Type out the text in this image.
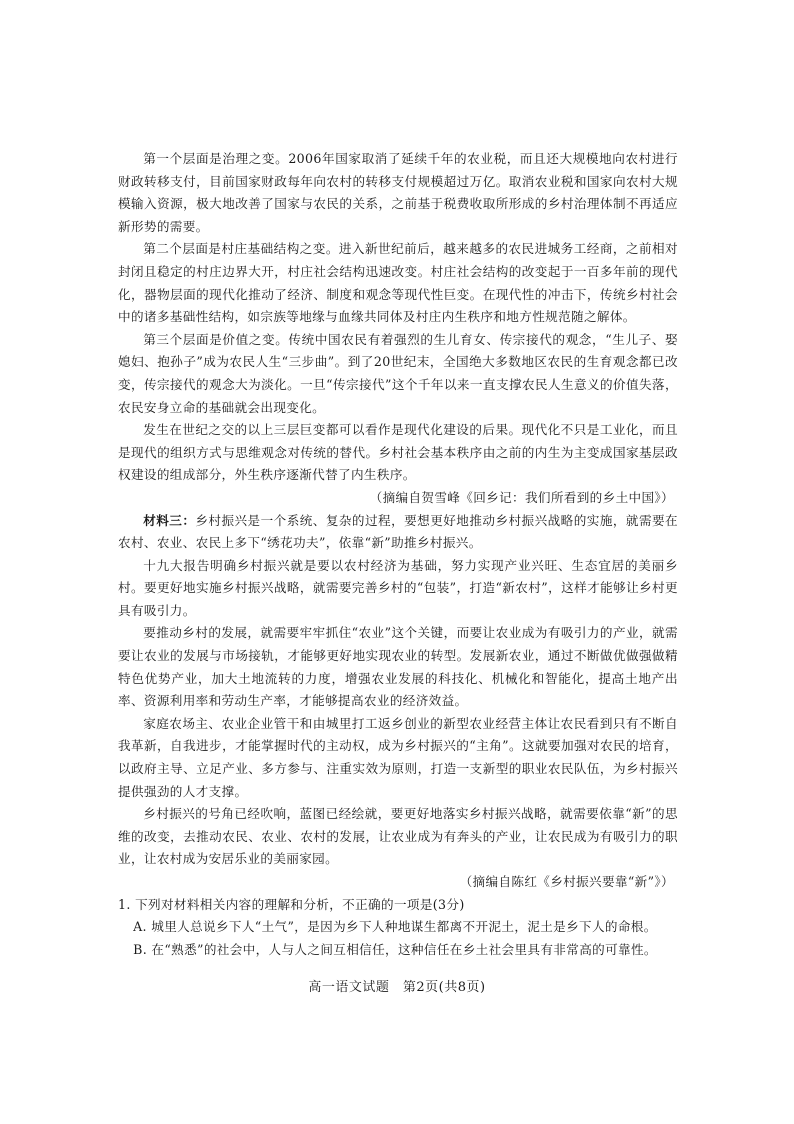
第一个层面是治理之变。2006年国家取消了延续千年的农业税，而且还大规模地向农村进行财政转移支付，目前国家财政每年向农村的转移支付规模超过万亿。取消农业税和国家向农村大规模输入资源，极大地改善了国家与农民的关系，之前基于税费收取所形成的乡村治理体制不再适应新形势的需要。

第二个层面是村庄基础结构之变。进入新世纪前后，越来越多的农民进城务工经商，之前相对封闭且稳定的村庄边界大开，村庄社会结构迅速改变。村庄社会结构的改变起于一百多年前的现代化，器物层面的现代化推动了经济、制度和观念等现代性巨变。在现代性的冲击下，传统乡村社会中的诸多基础性结构，如宗族等地缘与血缘共同体及村庄内生秩序和地方性规范随之解体。

第三个层面是价值之变。传统中国农民有着强烈的生儿育女、传宗接代的观念，“生儿子、娶媳妇、抱孙子”成为农民人生“三步曲”。到了20世纪末，全国绝大多数地区农民的生育观念都已改变，传宗接代的观念大为淡化。一旦“传宗接代”这个千年以来一直支撑农民人生意义的价值失落，农民安身立命的基础就会出现变化。

发生在世纪之交的以上三层巨变都可以看作是现代化建设的后果。现代化不只是工业化，而且是现代的组织方式与思维观念对传统的替代。乡村社会基本秩序由之前的内生为主变成国家基层政权建设的组成部分，外生秩序逐渐代替了内生秩序。

（摘编自贺雪峰《回乡记：我们所看到的乡土中国》）

材料三：乡村振兴是一个系统、复杂的过程，要想更好地推动乡村振兴战略的实施，就需要在农村、农业、农民上多下“绣花功夫”，依靠“新”助推乡村振兴。

十九大报告明确乡村振兴就是要以农村经济为基础，努力实现产业兴旺、生态宜居的美丽乡村。要更好地实施乡村振兴战略，就需要完善乡村的“包装”，打造“新农村”，这样才能够让乡村更具有吸引力。

要推动乡村的发展，就需要牢牢抓住“农业”这个关键，而要让农业成为有吸引力的产业，就需要让农业的发展与市场接轨，才能够更好地实现农业的转型。发展新农业，通过不断做优做强做精特色优势产业，加大土地流转的力度，增强农业发展的科技化、机械化和智能化，提高土地产出率、资源利用率和劳动生产率，才能够提高农业的经济效益。

家庭农场主、农业企业管干和由城里打工返乡创业的新型农业经营主体让农民看到只有不断自我革新，自我进步，才能掌握时代的主动权，成为乡村振兴的“主角”。这就要加强对农民的培育，以政府主导、立足产业、多方参与、注重实效为原则，打造一支新型的职业农民队伍，为乡村振兴提供强劲的人才支撑。

乡村振兴的号角已经吹响，蓝图已经绘就，要更好地落实乡村振兴战略，就需要依靠“新”的思维的改变，去推动农民、农业、农村的发展，让农业成为有奔头的产业，让农民成为有吸引力的职业，让农村成为安居乐业的美丽家园。

（摘编自陈红《乡村振兴要靠“新”》）

1. 下列对材料相关内容的理解和分析，不正确的一项是(3分)

A. 城里人总说乡下人“土气”，是因为乡下人种地谋生都离不开泥土，泥土是乡下人的命根。

B. 在“熟悉”的社会中，人与人之间互相信任，这种信任在乡土社会里具有非常高的可靠性。

高一语文试题　第2页(共8页)
